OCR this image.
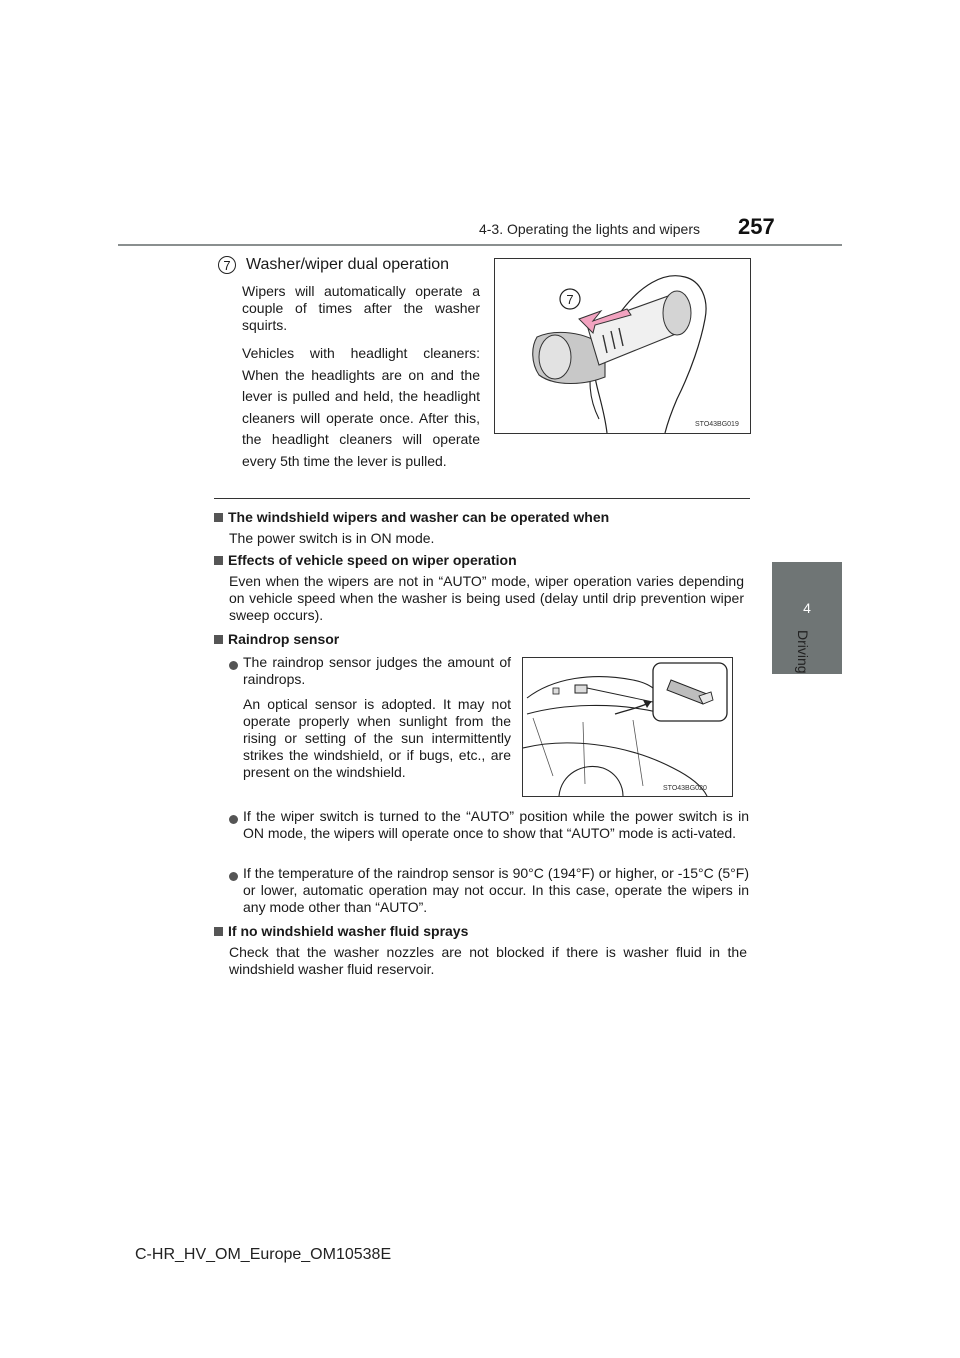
4-3. Operating the lights and wipers 257
4
Driving
7 Washer/wiper dual operation
Wipers will automatically operate a couple of times after the washer squirts.
Vehicles with headlight cleaners: When the headlights are on and the lever is pulled and held, the headlight cleaners will operate once. After this, the headlight cleaners will operate every 5th time the lever is pulled.
7
STO43BG019
The windshield wipers and washer can be operated when
The power switch is in ON mode.
Effects of vehicle speed on wiper operation
Even when the wipers are not in “AUTO” mode, wiper operation varies depending on vehicle speed when the washer is being used (delay until drip prevention wiper sweep occurs).
Raindrop sensor
The raindrop sensor judges the amount of raindrops.
An optical sensor is adopted. It may not operate properly when sunlight from the rising or setting of the sun intermittently strikes the windshield, or if bugs, etc., are present on the windshield.
STO43BG020
If the wiper switch is turned to the “AUTO” position while the power switch is in ON mode, the wipers will operate once to show that “AUTO” mode is acti-vated.
If the temperature of the raindrop sensor is 90°C (194°F) or higher, or -15°C (5°F) or lower, automatic operation may not occur. In this case, operate the wipers in any mode other than “AUTO”.
If no windshield washer fluid sprays
Check that the washer nozzles are not blocked if there is washer fluid in the windshield washer fluid reservoir.
C-HR_HV_OM_Europe_OM10538E
